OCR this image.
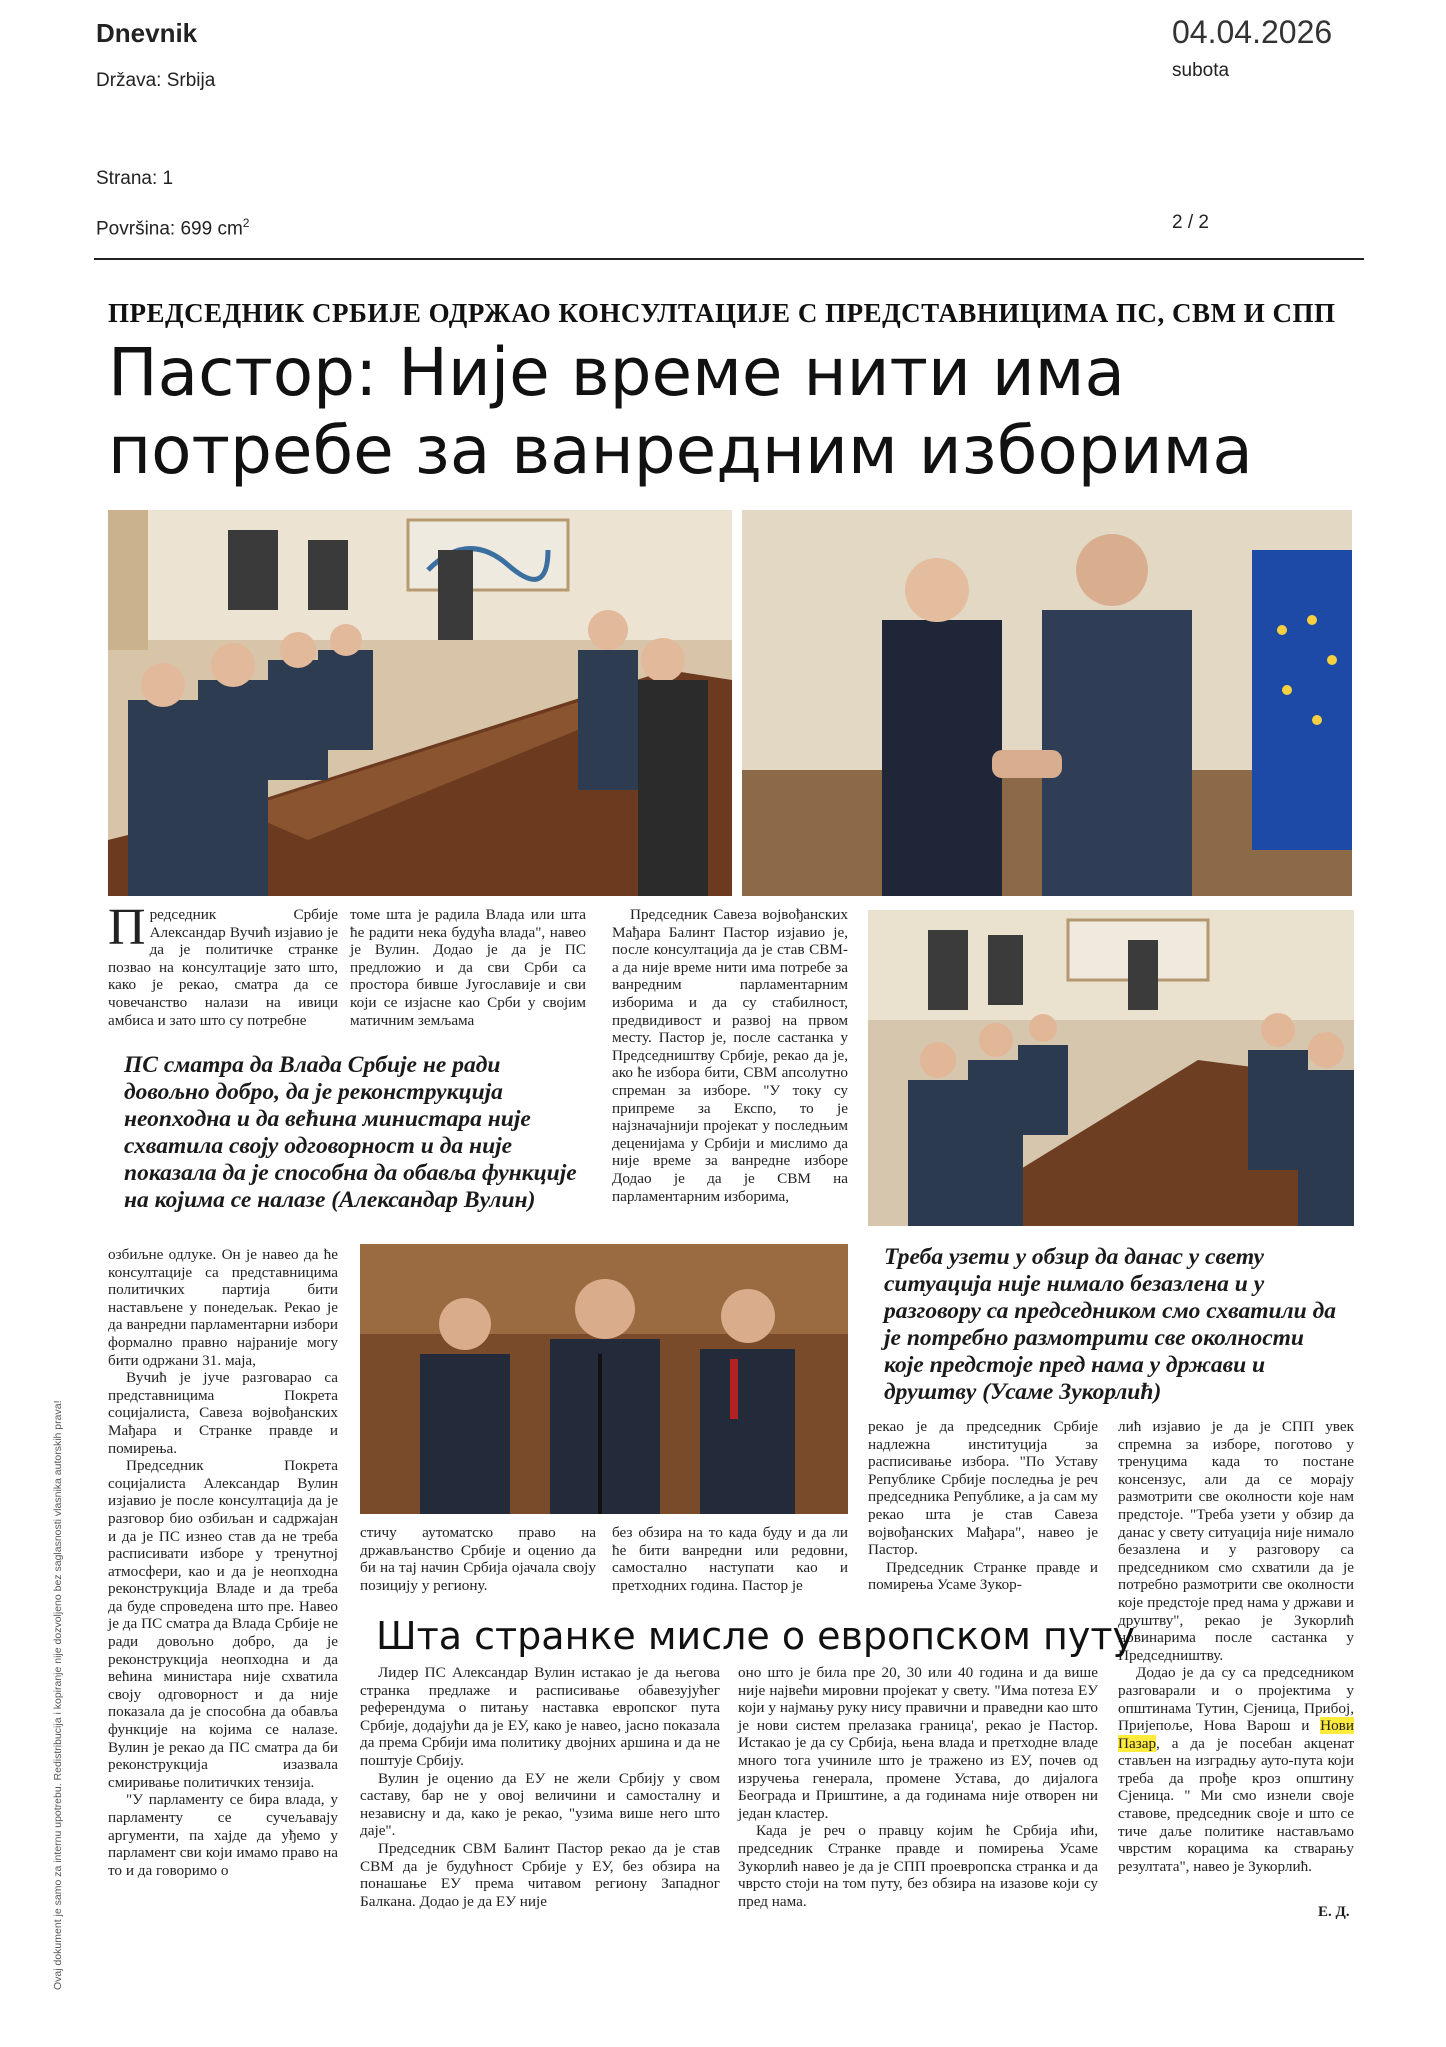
Dnevnik
Država: Srbija
Strana: 1
Površina: 699 $cm^2$
04.04.2026
subota
2 / 2
ПРЕДСЕДНИК СРБИЈЕ ОДРЖАО КОНСУЛТАЦИЈЕ С ПРЕДСТАВНИЦИМА ПС, СВМ И СПП
Пастор: Није време нити има
потребе за ванредним изборима

Председник Србије Александар Вучић изјавио је да је политичке странке позвао на консултације зато што, како је рекао, сматра да се човечанство налази на ивици амбиса и зато што су потребне

томе шта је радила Влада или шта ће радити нека будућа влада", навео је Вулин. Додао је да је ПС предложио и да сви Срби са простора бивше Југославије и сви који се изјасне као Срби у својим матичним земљама

ПС сматра да Влада Србије не ради довољно добро, да је реконструкција неопходна и да већина министара није схватила своју одговорност и да није показала да је способна да обавља функције на којима се налазе (Александар Вулин)

Председник Савеза војвођанских Мађара Балинт Пастор изјавио је, после консултација да је став СВМ-а да није време нити има потребе за ванредним парламентарним изборима и да су стабилност, предвидивост и развој на првом месту. Пастор је, после састанка у Председништву Србије, рекао да је, ако ће избора бити, СВМ апсолутно спреман за изборе. "У току су припреме за Експо, то је најзначајнији пројекат у последњим деценијама у Србији и мислимо да није време за ванредне изборе Додао је да је СВМ на парламентарним изборима,

озбиљне одлуке. Он је навео да ће консултације са представницима политичких партија бити настављене у понедељак. Рекао је да ванредни парламентарни избори формално правно најраније могу бити одржани 31. маја,

Вучић је јуче разговарао са представницима Покрета социјалиста, Савеза војвођанских Мађара и Странке правде и помирења.

Председник Покрета социјалиста Александар Вулин изјавио је после консултација да је разговор био озбиљан и садржајан и да је ПС изнео став да не треба расписивати изборе у тренутној атмосфери, као и да је неопходна реконструкција Владе и да треба да буде спроведена што пре. Навео је да ПС сматра да Влада Србије не ради довољно добро, да је реконструкција неопходна и да већина министара није схватила своју одговорност и да није показала да је способна да обавља функције на којима се налазе. Вулин је рекао да ПС сматра да би реконструкција изазвала смиривање политичких тензија.

"У парламенту се бира влада, у парламенту се сучељавају аргументи, па хајде да уђемо у парламент сви који имамо право на то и да говоримо о

стичу аутоматско право на држављанство Србије и оценио да би на тај начин Србија ојачала своју позицију у региону.

без обзира на то када буду и да ли ће бити ванредни или редовни, самостално наступати као и претходних година. Пастор је

Треба узети у обзир да данас у свету ситуација није нимало безазлена и у разговору са председником смо схватили да је потребно размотрити све околности које предстоје пред нама у држави и друштву (Усаме Зукорлић)

рекао је да председник Србије надлежна институција за расписивање избора. "По Уставу Републике Србије последња је реч председника Републике, а ја сам му рекао шта је став Савеза војвођанских Мађара", навео је Пастор.

Председник Странке правде и помирења Усаме Зукор-

лић изјавио је да је СПП увек спремна за изборе, поготово у тренуцима када то постане консензус, али да се морају размотрити све околности које нам предстоје. "Треба узети у обзир да данас у свету ситуација није нимало безазлена и у разговору са председником смо схватили да је потребно размотрити све околности које предстоје пред нама у држави и друштву", рекао је Зукорлић новинарима после састанка у Председништву.

Додао је да су са председником разговарали и о пројектима у општинама Тутин, Сјеница, Прибој, Пријепоље, Нова Варош и Нови Пазар, а да је посебан акценат стављен на изградњу ауто-пута који треба да прође кроз општину Сјеница. " Ми смо изнели своје ставове, председник своје и што се тиче даље политике настављамо чврстим корацима ка стварању резултата", навео је Зукорлић.

Е. Д.
Шта странке мисле о европском путу

Лидер ПС Александар Вулин истакао је да његова странка предлаже и расписивање обавезујућег референдума о питању наставка европског пута Србије, додајући да је ЕУ, како је навео, јасно показала да према Србији има политику двојних аршина и да не поштује Србију.

Вулин је оценио да ЕУ не жели Србију у свом саставу, бар не у овој величини и самосталну и независну и да, како је рекао, "узима више него што даје".

Председник СВМ Балинт Пастор рекао да је став СВМ да је будућност Србије у ЕУ, без обзира на понашање ЕУ према читавом региону Западног Балкана. Додао је да ЕУ није

оно што је била пре 20, 30 или 40 година и да више није највећи мировни пројекат у свету. "Има потеза ЕУ који у најмању руку нису правични и праведни као што је нови систем прелазака граница', рекао је Пастор. Истакао је да су Србија, њена влада и претходне владе много тога учиниле што је тражено из ЕУ, почев од изручења генерала, промене Устава, до дијалога Београда и Приштине, а да годинама није отворен ни један кластер.

Када је реч о правцу којим ће Србија ићи, председник Странке правде и помирења Усаме Зукорлић навео је да је СПП проевропска странка и да чврсто стоји на том путу, без обзира на изазове који су пред нама.

Ovaj dokument je samo za internu upotrebu. Redistribucija i kopiranje nije dozvoljeno bez saglasnosti vlasnika autorskih prava!
